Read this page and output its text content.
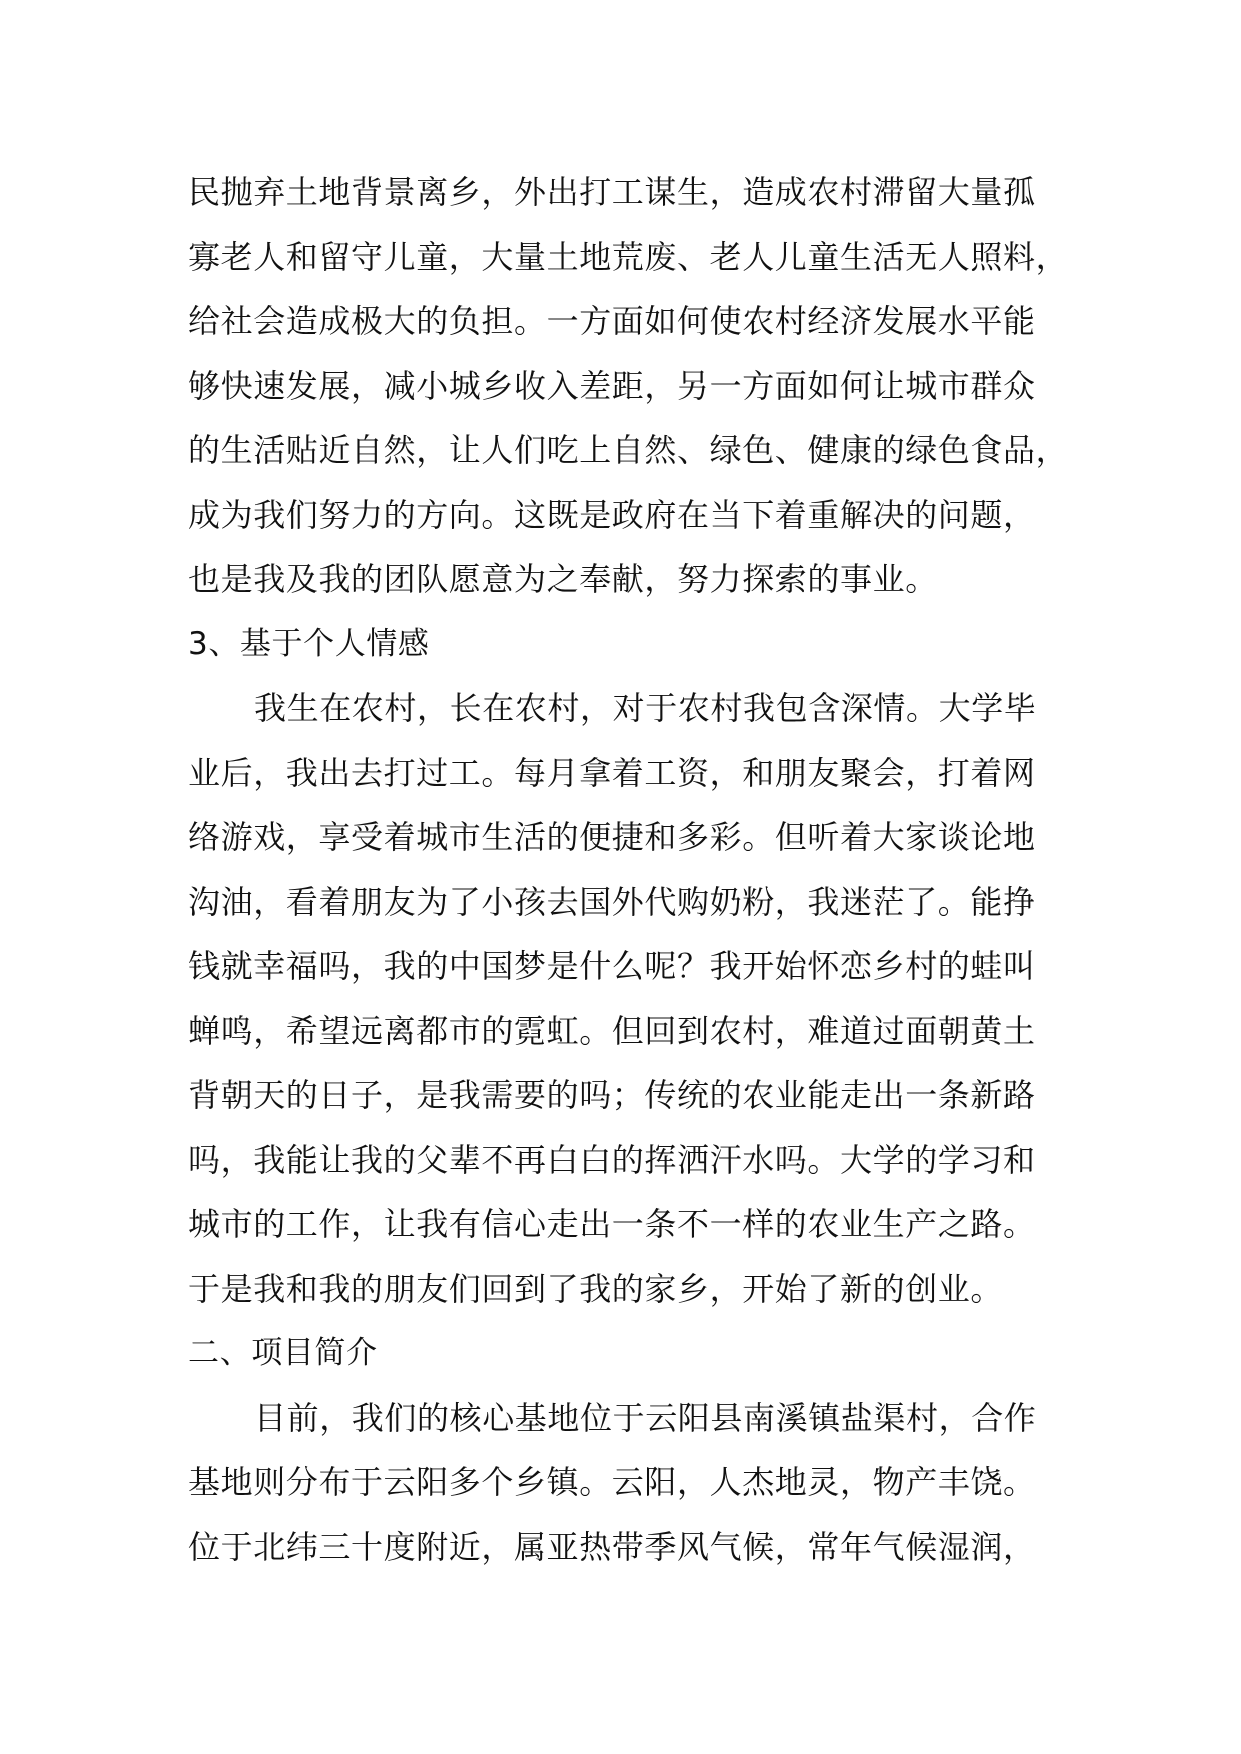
民抛弃土地背景离乡，外出打工谋生，造成农村滞留大量孤
寡老人和留守儿童，大量土地荒废、老人儿童生活无人照料，
给社会造成极大的负担。一方面如何使农村经济发展水平能
够快速发展，减小城乡收入差距，另一方面如何让城市群众
的生活贴近自然，让人们吃上自然、绿色、健康的绿色食品，
成为我们努力的方向。这既是政府在当下着重解决的问题，
也是我及我的团队愿意为之奉献，努力探索的事业。
3、基于个人情感
我生在农村，长在农村，对于农村我包含深情。大学毕
业后，我出去打过工。每月拿着工资，和朋友聚会，打着网
络游戏，享受着城市生活的便捷和多彩。但听着大家谈论地
沟油，看着朋友为了小孩去国外代购奶粉，我迷茫了。能挣
钱就幸福吗，我的中国梦是什么呢？我开始怀恋乡村的蛙叫
蝉鸣，希望远离都市的霓虹。但回到农村，难道过面朝黄土
背朝天的日子，是我需要的吗；传统的农业能走出一条新路
吗，我能让我的父辈不再白白的挥洒汗水吗。大学的学习和
城市的工作，让我有信心走出一条不一样的农业生产之路。
于是我和我的朋友们回到了我的家乡，开始了新的创业。
二、项目简介
目前，我们的核心基地位于云阳县南溪镇盐渠村，合作
基地则分布于云阳多个乡镇。云阳，人杰地灵，物产丰饶。
位于北纬三十度附近，属亚热带季风气候，常年气候湿润，
